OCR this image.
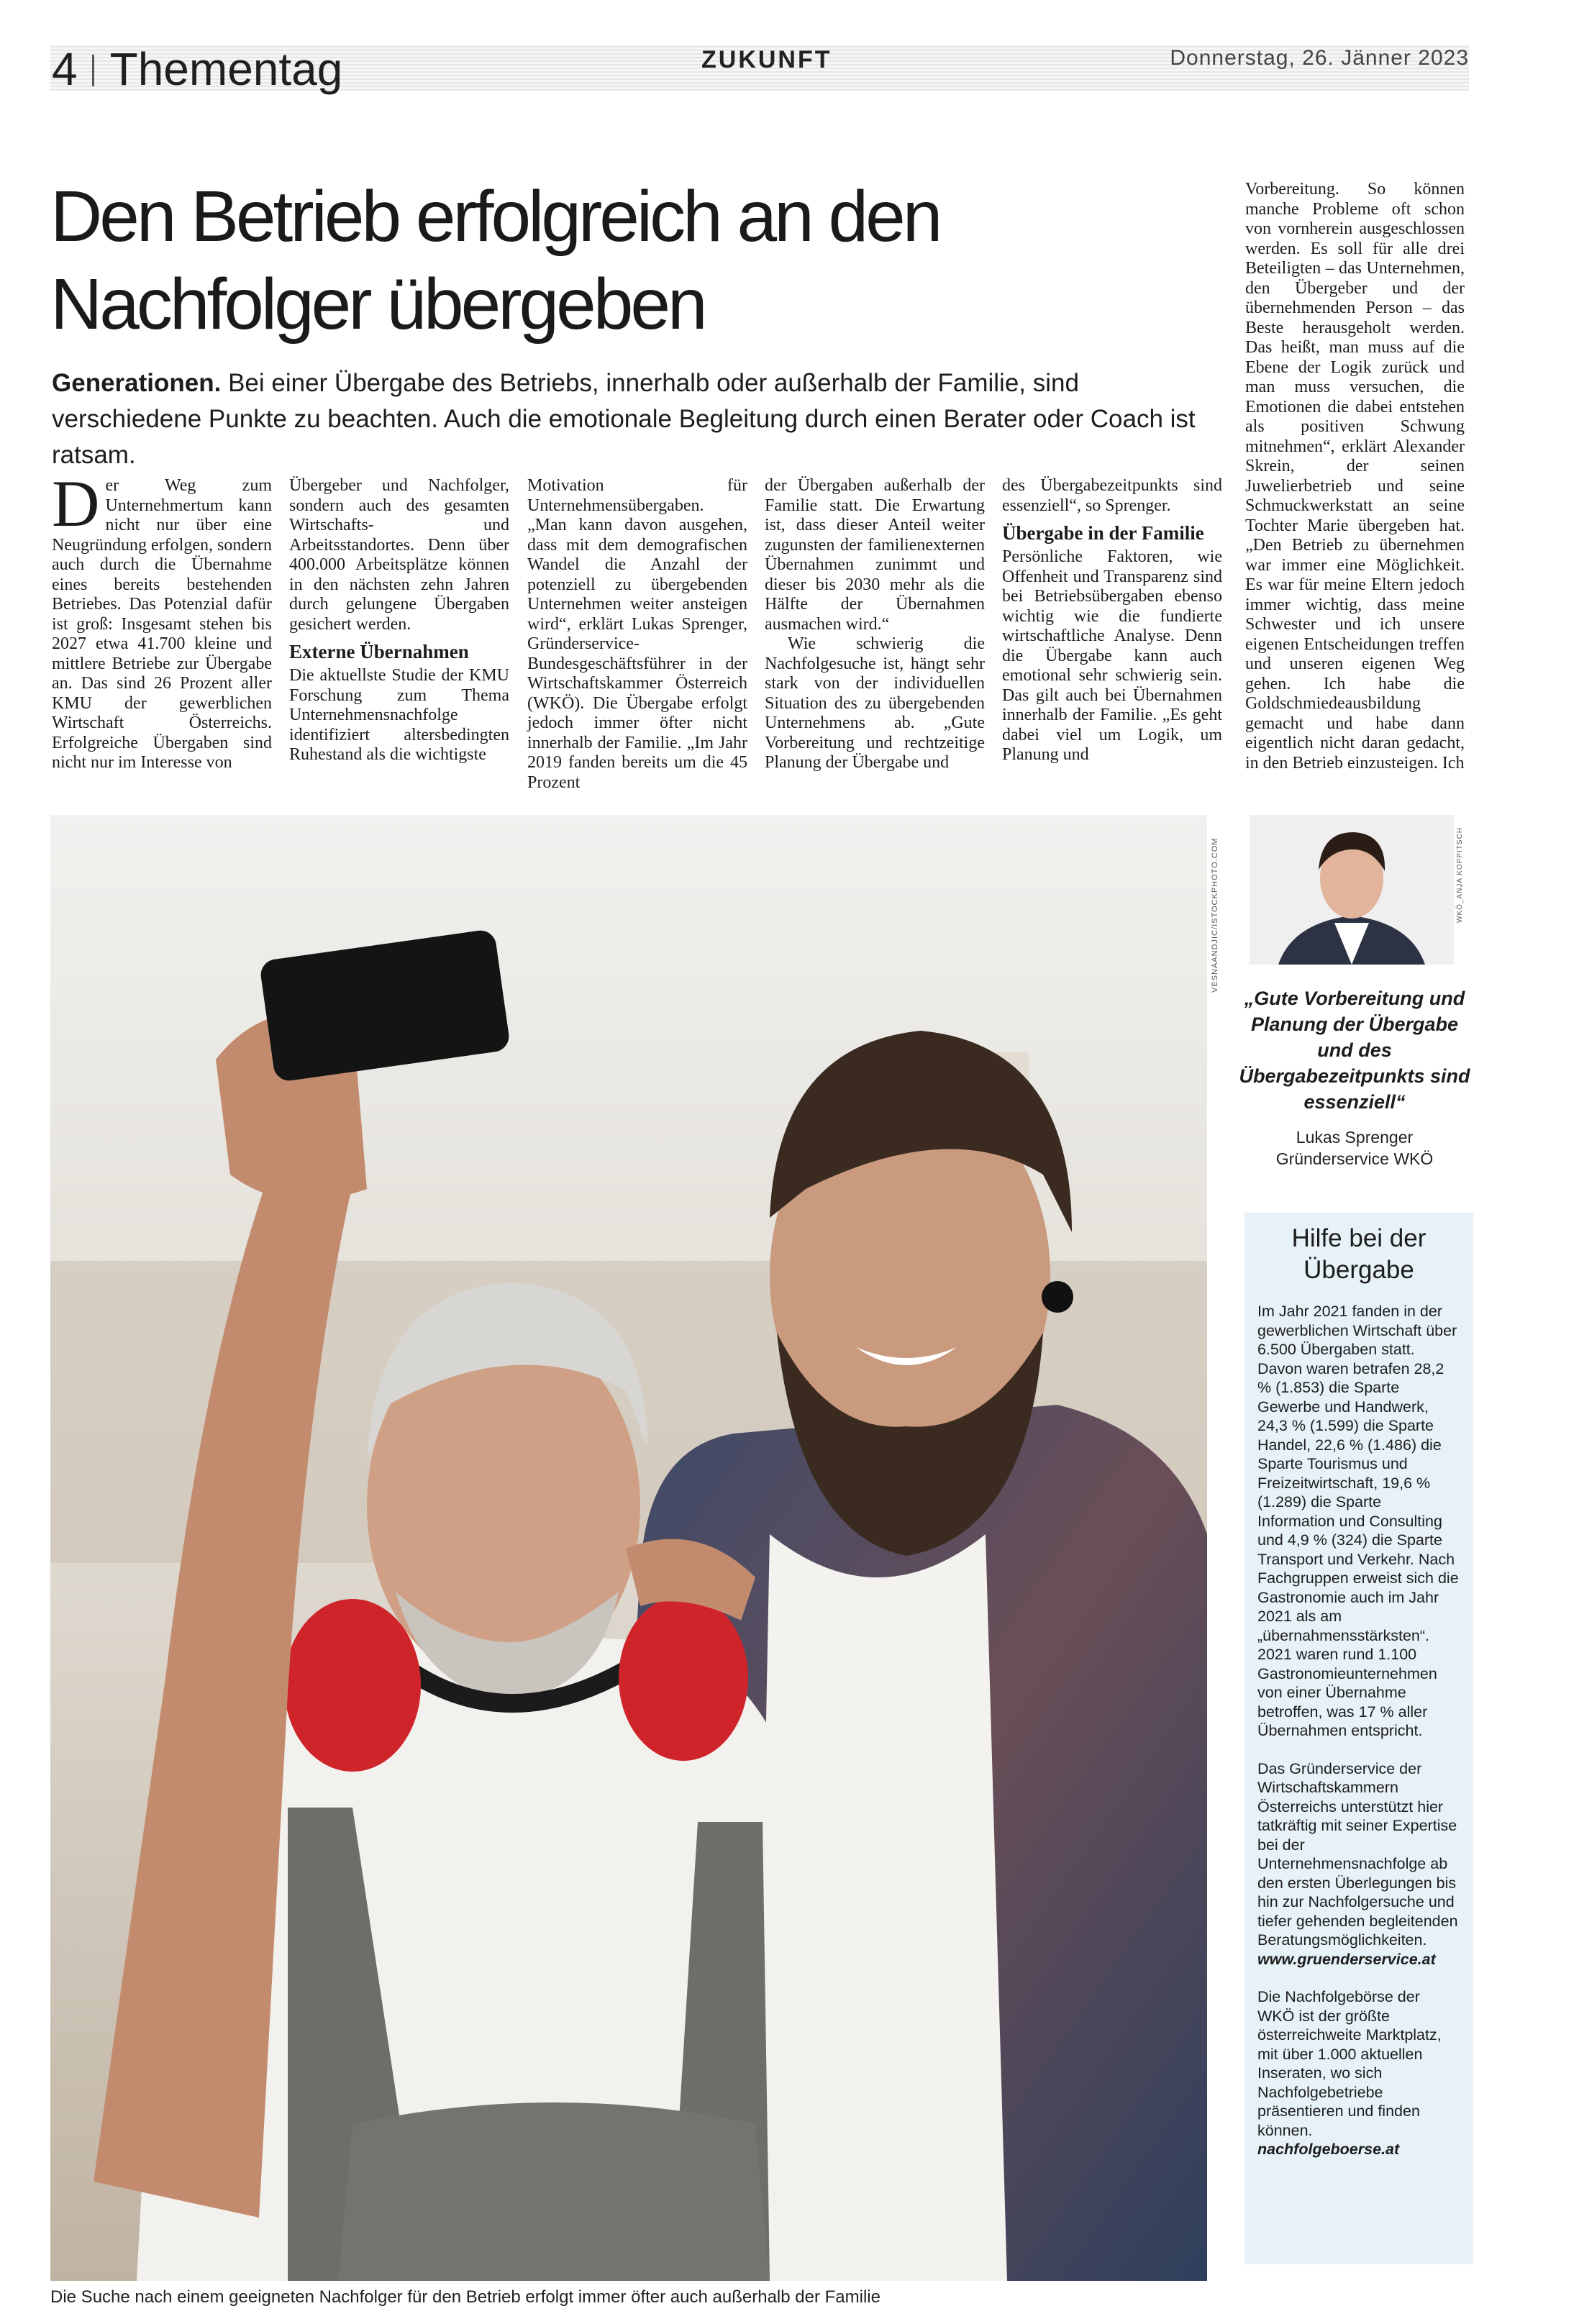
4 Thementag	ZUKUNFT	Donnerstag, 26. Jänner 2023
Den Betrieb erfolgreich an den
Nachfolger übergeben
Generationen. Bei einer Übergabe des Betriebs, innerhalb oder außerhalb der Familie, sind verschiedene Punkte zu beachten. Auch die emotionale Begleitung durch einen Berater oder Coach ist ratsam.
D er Weg zum Unternehmertum kann nicht nur über eine Neugründung erfolgen, sondern auch durch die Übernahme eines bereits bestehenden Betriebes. Das Potenzial dafür ist groß: Insgesamt stehen bis 2027 etwa 41.700 kleine und mittlere Betriebe zur Übergabe an. Das sind 26 Prozent aller KMU der gewerblichen Wirtschaft Österreichs. Erfolgreiche Übergaben sind nicht nur im Interesse von

Übergeber und Nachfolger, sondern auch des gesamten Wirtschafts- und Arbeitsstandortes. Denn über 400.000 Arbeitsplätze können in den nächsten zehn Jahren durch gelungene Übergaben gesichert werden.

Externe Übernahmen

Die aktuellste Studie der KMU Forschung zum Thema Unternehmensnachfolge identifiziert altersbedingten Ruhestand als die wichtigste

Motivation für Unternehmensübergaben. „Man kann davon ausgehen, dass mit dem demografischen Wandel die Anzahl der potenziell zu übergebenden Unternehmen weiter ansteigen wird“, erklärt Lukas Sprenger, Gründerservice-Bundesgeschäftsführer in der Wirtschaftskammer Österreich (WKÖ). Die Übergabe erfolgt jedoch immer öfter nicht innerhalb der Familie. „Im Jahr 2019 fanden bereits um die 45 Prozent

der Übergaben außerhalb der Familie statt. Die Erwartung ist, dass dieser Anteil weiter zugunsten der familienexternen Übernahmen zunimmt und dieser bis 2030 mehr als die Hälfte der Übernahmen ausmachen wird.“

Wie schwierig die Nachfolgesuche ist, hängt sehr stark von der individuellen Situation des zu übergebenden Unternehmens ab. „Gute Vorbereitung und rechtzeitige Planung der Übergabe und

des Übergabezeitpunkts sind essenziell“, so Sprenger.

Übergabe in der Familie

Persönliche Faktoren, wie Offenheit und Transparenz sind bei Betriebsübergaben ebenso wichtig wie die fundierte wirtschaftliche Analyse. Denn die Übergabe kann auch emotional sehr schwierig sein. Das gilt auch bei Übernahmen innerhalb der Familie. „Es geht dabei viel um Logik, um Planung und

Vorbereitung. So können manche Probleme oft schon von vornherein ausgeschlossen werden. Es soll für alle drei Beteiligten – das Unternehmen, den Übergeber und der übernehmenden Person – das Beste herausgeholt werden. Das heißt, man muss auf die Ebene der Logik zurück und man muss versuchen, die Emotionen die dabei entstehen als positiven Schwung mitnehmen“, erklärt Alexander Skrein, der seinen Juwelierbetrieb und seine Schmuckwerkstatt an seine Tochter Marie übergeben hat. „Den Betrieb zu übernehmen war immer eine Möglichkeit. Es war für meine Eltern jedoch immer wichtig, dass meine Schwester und ich unsere eigenen Entscheidungen treffen und unseren eigenen Weg gehen. Ich habe die Goldschmiedeausbildung gemacht und habe dann eigentlich nicht daran gedacht, in den Betrieb einzusteigen. Ich

VESNAANDJIC/ISTOCKPHOTO.COM
Die Suche nach einem geeigneten Nachfolger für den Betrieb erfolgt immer öfter auch außerhalb der Familie
WKÖ_ANJA KOPPITSCH
„Gute Vorbereitung und Planung der Übergabe und des Übergabezeitpunkts sind essenziell“
Lukas Sprenger
Gründerservice WKÖ
Hilfe bei der
Übergabe

Im Jahr 2021 fanden in der gewerblichen Wirtschaft über 6.500 Übergaben statt. Davon waren betrafen 28,2 % (1.853) die Sparte Gewerbe und Handwerk, 24,3 % (1.599) die Sparte Handel, 22,6 % (1.486) die Sparte Tourismus und Freizeitwirtschaft, 19,6 % (1.289) die Sparte Information und Consulting und 4,9 % (324) die Sparte Transport und Verkehr. Nach Fachgruppen erweist sich die Gastronomie auch im Jahr 2021 als am „übernahmensstärksten“. 2021 waren rund 1.100 Gastronomieunternehmen von einer Übernahme betroffen, was 17 % aller Übernahmen entspricht.

Das Gründerservice der Wirtschaftskammern Österreichs unterstützt hier tatkräftig mit seiner Expertise bei der Unternehmensnachfolge ab den ersten Überlegungen bis hin zur Nachfolgersuche und tiefer gehenden begleitenden Beratungsmöglichkeiten.
www.gruenderservice.at

Die Nachfolgebörse der WKÖ ist der größte österreichweite Marktplatz, mit über 1.000 aktuellen Inseraten, wo sich Nachfolgebetriebe präsentieren und finden können.
nachfolgeboerse.at
